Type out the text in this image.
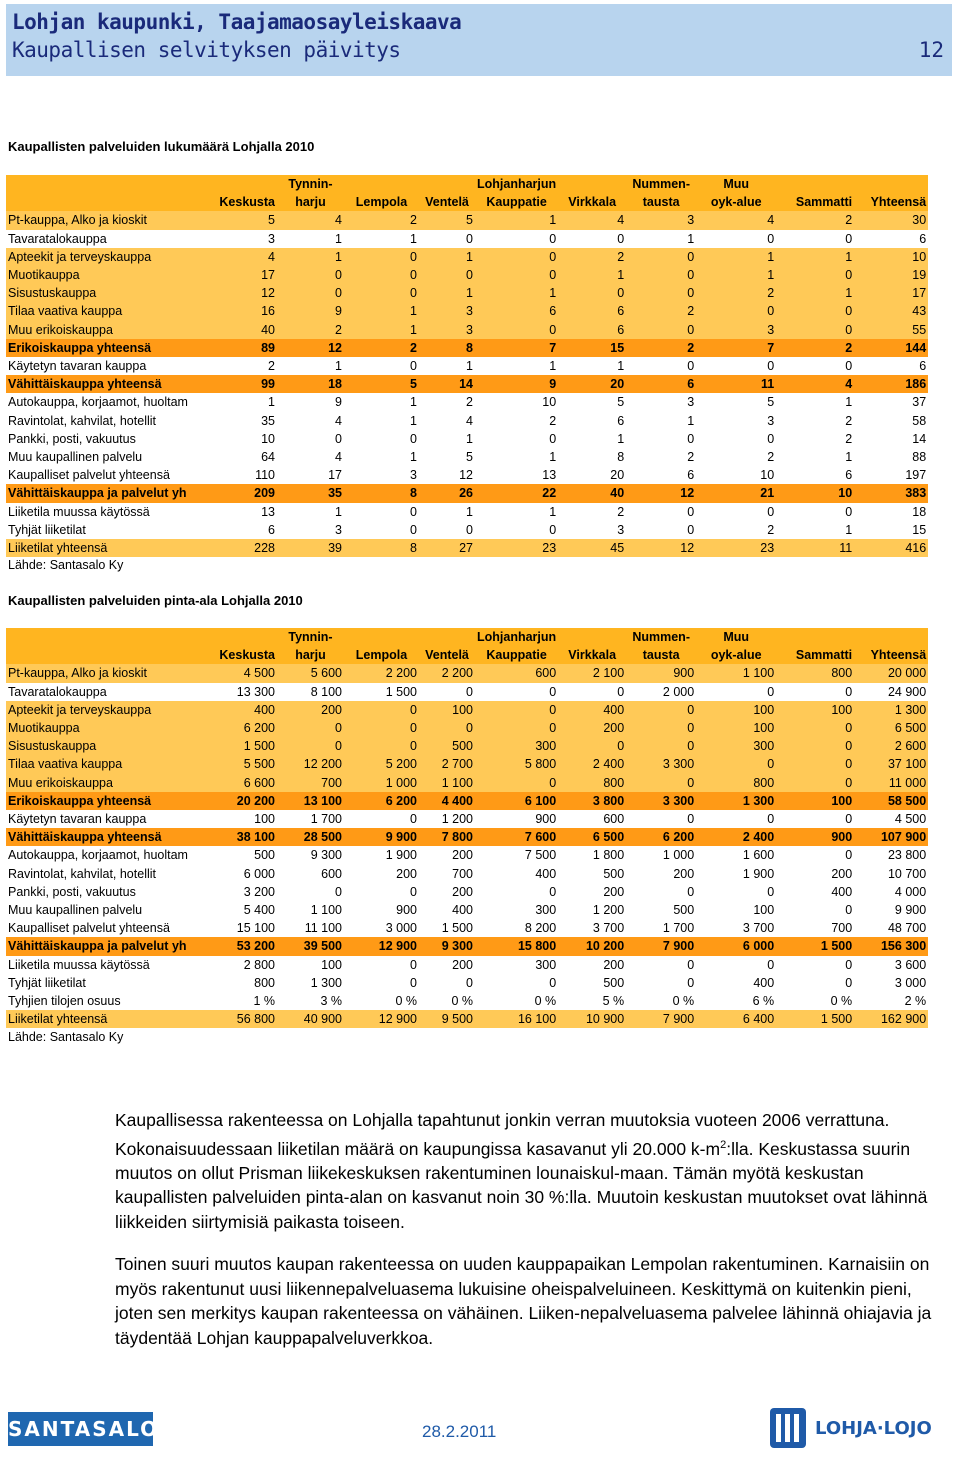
Lohjan kaupunki, Taajamaosayleiskaava
Kaupallisen selvityksen päivitys	12
Kaupallisten palveluiden lukumäärä Lohjalla 2010
		Tynnin-			Lohjanharjun		Nummen-	Muu		
	Keskusta	harju	Lempola	Ventelä	Kauppatie	Virkkala	tausta	oyk-alue	Sammatti	Yhteensä
Pt-kauppa, Alko ja kioskit	5	4	2	5	1	4	3	4	2	30
Tavaratalokauppa	3	1	1	0	0	0	1	0	0	6
Apteekit ja terveyskauppa	4	1	0	1	0	2	0	1	1	10
Muotikauppa	17	0	0	0	0	1	0	1	0	19
Sisustuskauppa	12	0	0	1	1	0	0	2	1	17
Tilaa vaativa kauppa	16	9	1	3	6	6	2	0	0	43
Muu erikoiskauppa	40	2	1	3	0	6	0	3	0	55
Erikoiskauppa yhteensä	89	12	2	8	7	15	2	7	2	144
Käytetyn tavaran kauppa	2	1	0	1	1	1	0	0	0	6
Vähittäiskauppa yhteensä	99	18	5	14	9	20	6	11	4	186
Autokauppa, korjaamot, huoltam	1	9	1	2	10	5	3	5	1	37
Ravintolat, kahvilat, hotellit	35	4	1	4	2	6	1	3	2	58
Pankki, posti, vakuutus	10	0	0	1	0	1	0	0	2	14
Muu kaupallinen palvelu	64	4	1	5	1	8	2	2	1	88
Kaupalliset palvelut yhteensä	110	17	3	12	13	20	6	10	6	197
Vähittäiskauppa ja palvelut yh	209	35	8	26	22	40	12	21	10	383
Liiketila muussa käytössä	13	1	0	1	1	2	0	0	0	18
Tyhjät liiketilat	6	3	0	0	0	3	0	2	1	15
Liiketilat yhteensä	228	39	8	27	23	45	12	23	11	416
Lähde: Santasalo Ky
Kaupallisten palveluiden pinta-ala Lohjalla 2010
		Tynnin-			Lohjanharjun		Nummen-	Muu		
	Keskusta	harju	Lempola	Ventelä	Kauppatie	Virkkala	tausta	oyk-alue	Sammatti	Yhteensä
Pt-kauppa, Alko ja kioskit	4 500	5 600	2 200	2 200	600	2 100	900	1 100	800	20 000
Tavaratalokauppa	13 300	8 100	1 500	0	0	0	2 000	0	0	24 900
Apteekit ja terveyskauppa	400	200	0	100	0	400	0	100	100	1 300
Muotikauppa	6 200	0	0	0	0	200	0	100	0	6 500
Sisustuskauppa	1 500	0	0	500	300	0	0	300	0	2 600
Tilaa vaativa kauppa	5 500	12 200	5 200	2 700	5 800	2 400	3 300	0	0	37 100
Muu erikoiskauppa	6 600	700	1 000	1 100	0	800	0	800	0	11 000
Erikoiskauppa yhteensä	20 200	13 100	6 200	4 400	6 100	3 800	3 300	1 300	100	58 500
Käytetyn tavaran kauppa	100	1 700	0	1 200	900	600	0	0	0	4 500
Vähittäiskauppa yhteensä	38 100	28 500	9 900	7 800	7 600	6 500	6 200	2 400	900	107 900
Autokauppa, korjaamot, huoltam	500	9 300	1 900	200	7 500	1 800	1 000	1 600	0	23 800
Ravintolat, kahvilat, hotellit	6 000	600	200	700	400	500	200	1 900	200	10 700
Pankki, posti, vakuutus	3 200	0	0	200	0	200	0	0	400	4 000
Muu kaupallinen palvelu	5 400	1 100	900	400	300	1 200	500	100	0	9 900
Kaupalliset palvelut yhteensä	15 100	11 100	3 000	1 500	8 200	3 700	1 700	3 700	700	48 700
Vähittäiskauppa ja palvelut yh	53 200	39 500	12 900	9 300	15 800	10 200	7 900	6 000	1 500	156 300
Liiketila muussa käytössä	2 800	100	0	200	300	200	0	0	0	3 600
Tyhjät liiketilat	800	1 300	0	0	0	500	0	400	0	3 000
Tyhjien tilojen osuus	1 %	3 %	0 %	0 %	0 %	5 %	0 %	6 %	0 %	2 %
Liiketilat yhteensä	56 800	40 900	12 900	9 500	16 100	10 900	7 900	6 400	1 500	162 900
Lähde: Santasalo Ky
Kaupallisessa rakenteessa on Lohjalla tapahtunut jonkin verran muutoksia vuoteen 2006 verrattuna. Kokonaisuudessaan liiketilan määrä on kaupungissa kasavanut yli 20.000 $k-m^2:lla$. Keskustassa suurin muutos on ollut Prisman liikekeskuksen rakentuminen lounaiskul-maan. Tämän myötä keskustan kaupallisten palveluiden pinta-alan on kasvanut noin 30 %:lla. Muutoin keskustan muutokset ovat lähinnä liikkeiden siirtymisiä paikasta toiseen.
Toinen suuri muutos kaupan rakenteessa on uuden kauppapaikan Lempolan rakentuminen. Karnaisiin on myös rakentunut uusi liikennepalveluasema lukuisine oheispalveluineen. Keskittymä on kuitenkin pieni, joten sen merkitys kaupan rakenteessa on vähäinen. Liiken-nepalveluasema palvelee lähinnä ohiajavia ja täydentää Lohjan kauppapalveluverkkoa.
SANTASALO	28.2.2011	LOHJA·LOJO
